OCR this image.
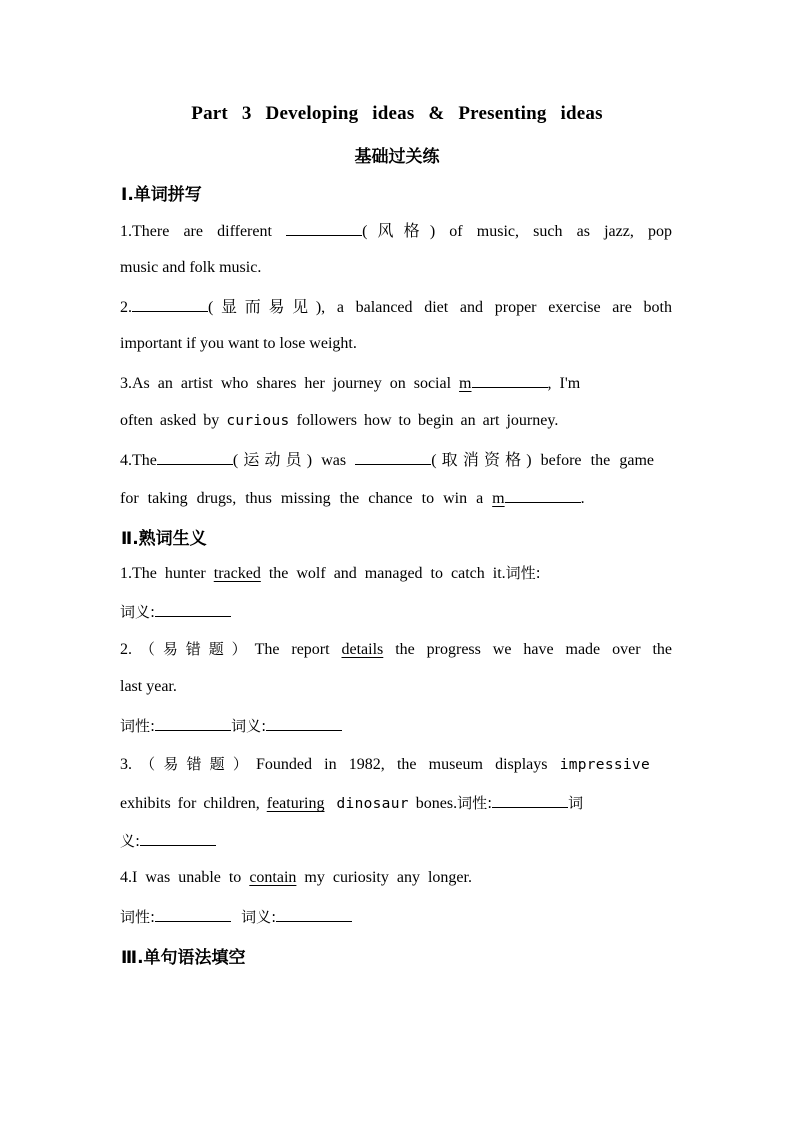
Part 3 Developing ideas & Presenting ideas
基础过关练
Ⅰ.单词拼写
1.There are different	(风格) of music, such as jazz, pop
music and folk music.
2.	(显而易见), a balanced diet and proper exercise are both
important if you want to lose weight.
3.As an artist who shares her journey on social m	, I'm
often asked by curious followers how to begin an art journey.
4.The	(运动员) was	(取消资格) before the game
for taking drugs, thus missing the chance to win a m	.
Ⅱ.熟词生义
1.The hunter tracked the wolf and managed to catch it.词性:
词义:
2.（易错题）The report details the progress we have made over the
last year.
词性:	词义:
3.（易错题）Founded in 1982, the museum displays impressive
exhibits for children, featuring dinosaur bones.词性:	词
义:
4.I was unable to contain my curiosity any longer.
词性:	词义:
Ⅲ.单句语法填空
